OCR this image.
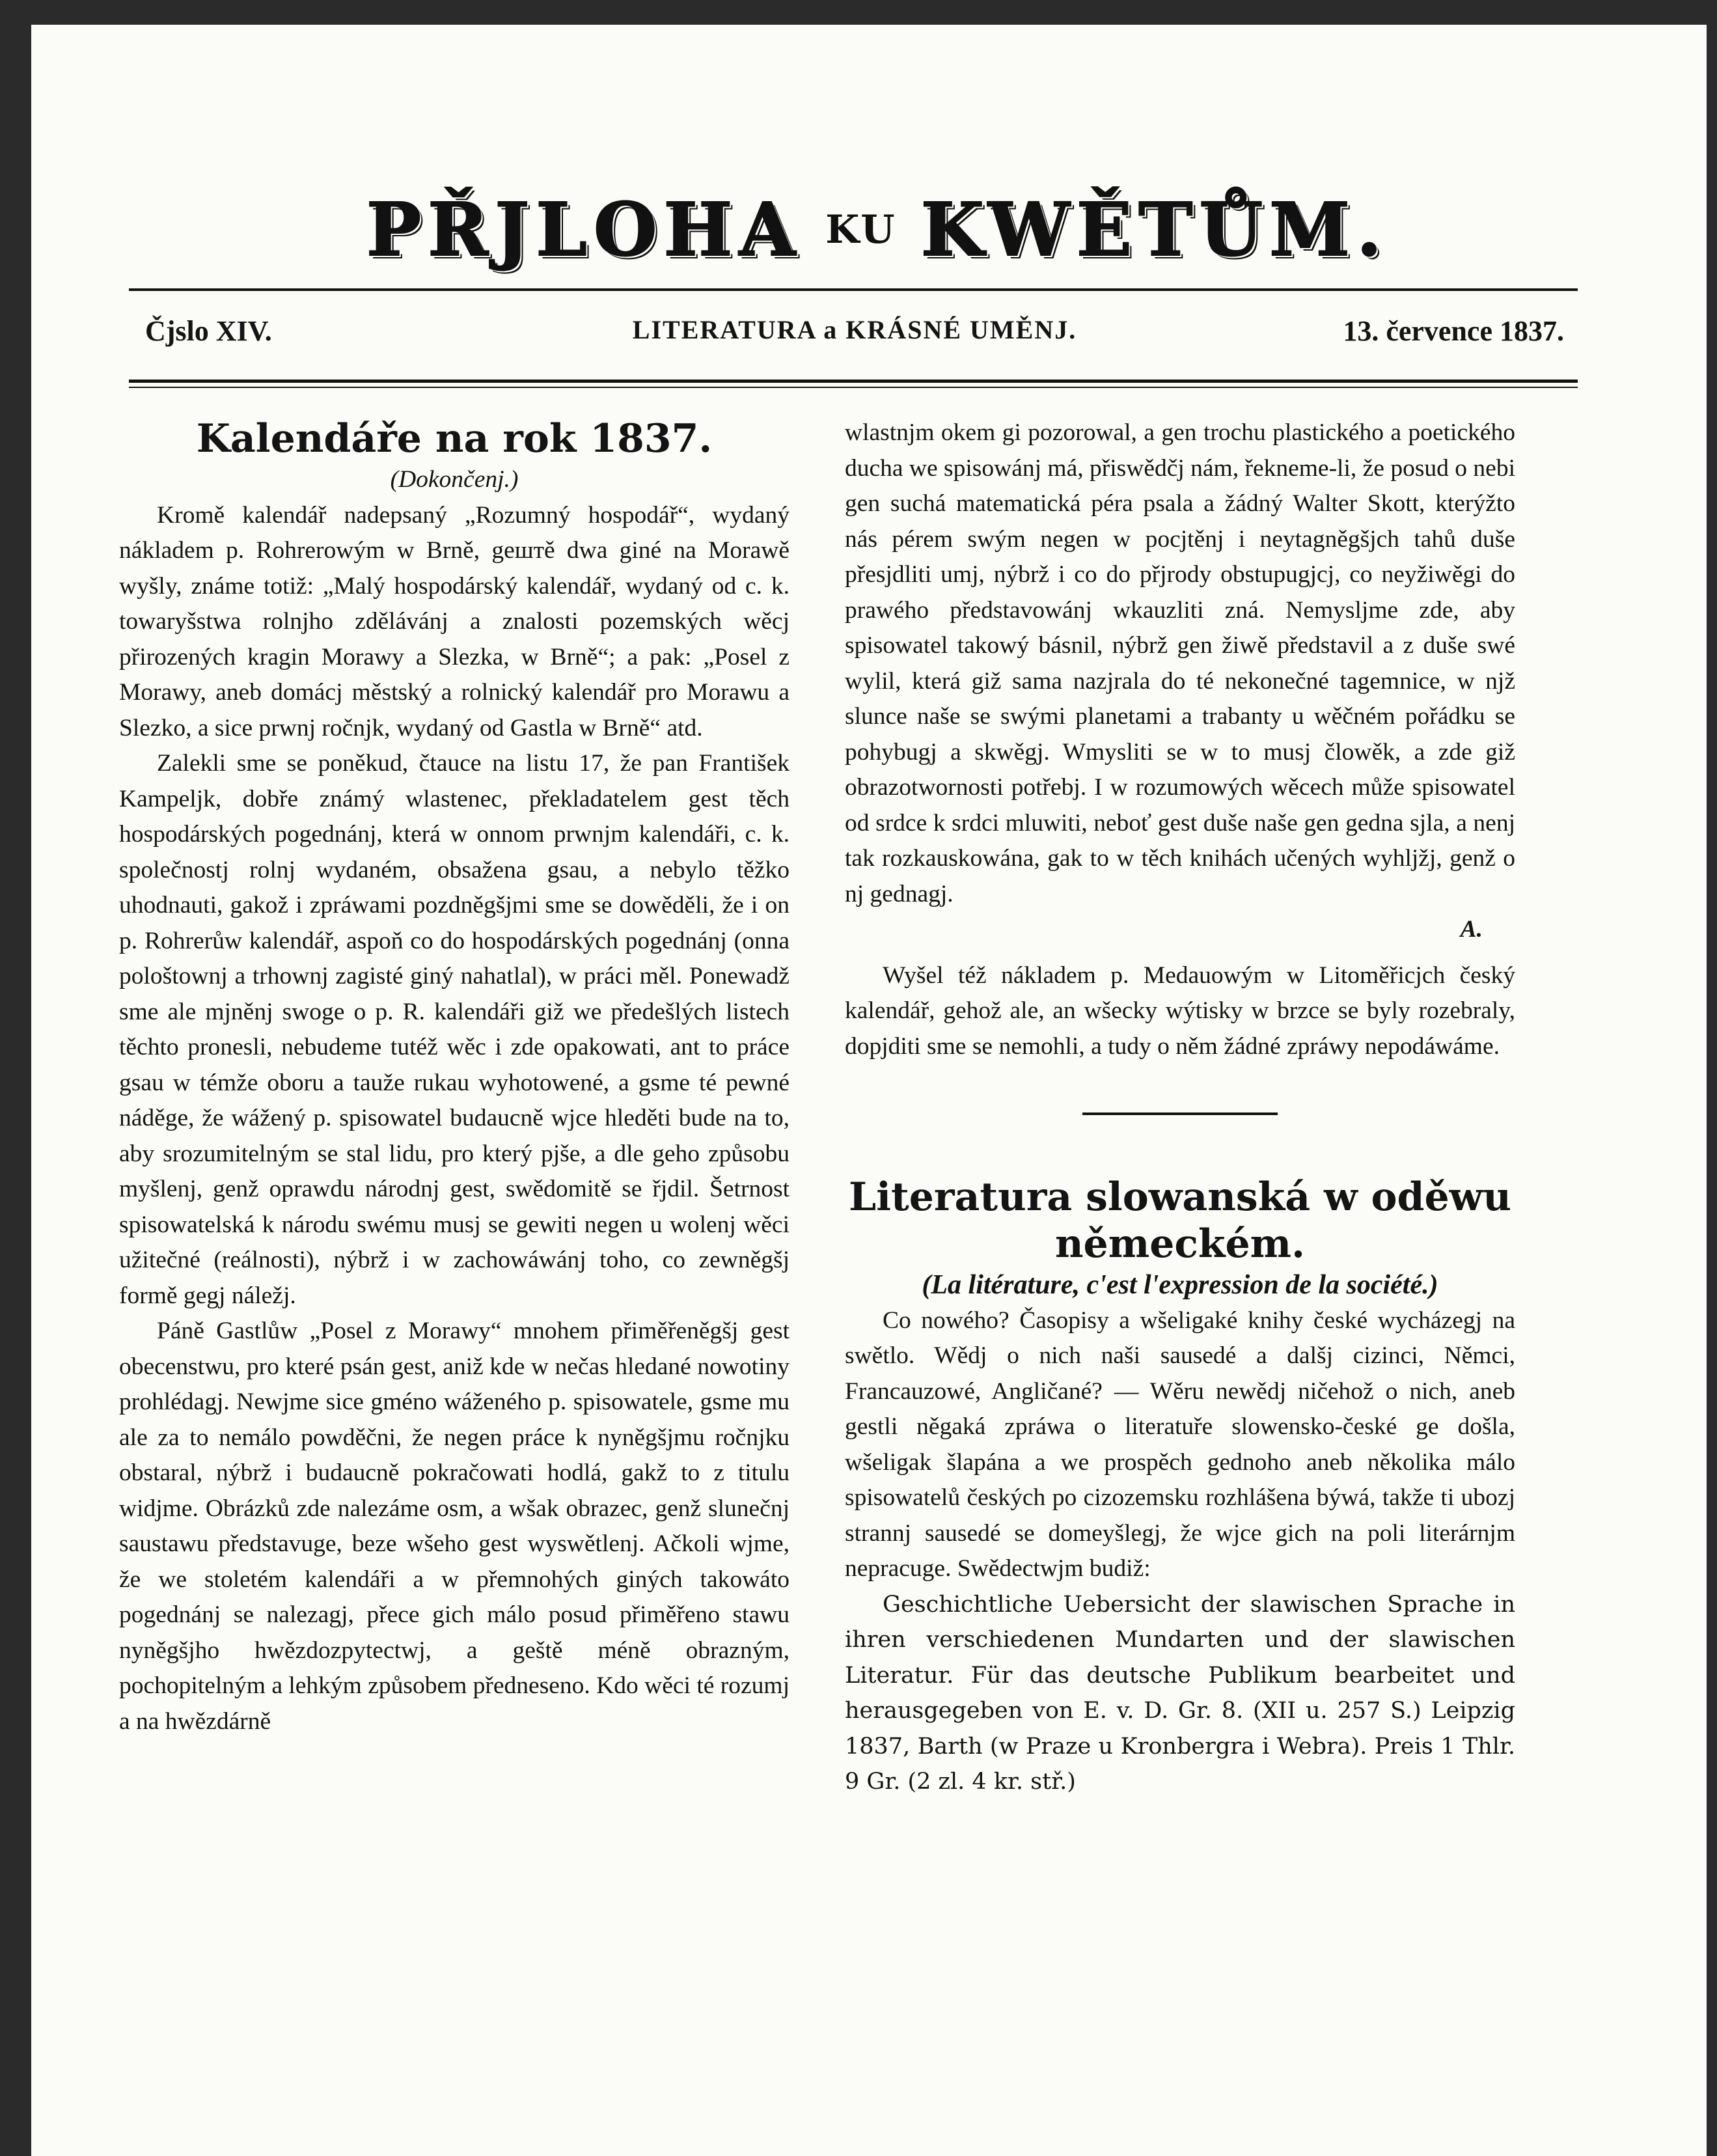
PŘJLOHA KU KWĚTŮM.
Čjslo XIV.	LITERATURA a KRÁSNÉ UMĚNJ.	13. července 1837.
Kalendáře na rok 1837.

(Dokončenj.)

Kromě kalendář nadepsaný „Rozumný hospodář“, wydaný nákladem p. Rohrerowým w Brně, gештě dwa giné na Morawě wyšly, známe totiž: „Malý hospodárský kalendář, wydaný od c. k. towaryšstwa rolnjho zdělávánj a znalosti pozemských wěcj přirozených kragin Morawy a Slezka, w Brně“; a pak: „Posel z Morawy, aneb domácj městský a rolnický kalendář pro Morawu a Slezko, a sice prwnj ročnjk, wydaný od Gastla w Brně“ atd.

Zalekli sme se poněkud, čtauce na listu 17, že pan František Kampeljk, dobře známý wlastenec, překladatelem gest těch hospodárských pogednánj, která w onnom prwnjm kalendáři, c. k. společnostj rolnj wydaném, obsažena gsau, a nebylo těžko uhodnauti, gakož i zpráwami pozdněgšjmi sme se dowěděli, že i on p. Rohrerůw kalendář, aspoň co do hospodárských pogednánj (onna pološtownj a trhownj zagisté giný nahatlal), w práci měl. Ponewadž sme ale mjněnj swoge o p. R. kalendáři giž we předešlých listech těchto pronesli, nebudeme tutéž wěc i zde opakowati, ant to práce gsau w témže oboru a tauže rukau wyhotowené, a gsme té pewné náděge, že wážený p. spisowatel budaucně wjce hleděti bude na to, aby srozumitelným se stal lidu, pro který pjše, a dle geho způsobu myšlenj, genž oprawdu národnj gest, swědomitě se řjdil. Šetrnost spisowatelská k národu swému musj se gewiti negen u wolenj wěci užitečné (reálnosti), nýbrž i w zachowáwánj toho, co zewněgšj formě gegj náležj.

Páně Gastlůw „Posel z Morawy“ mnohem přiměřeněgšj gest obecenstwu, pro které psán gest, aniž kde w nečas hledané nowotiny prohlédagj. Newjme sice gméno wáženého p. spisowatele, gsme mu ale za to nemálo powděčni, že negen práce k nyněgšjmu ročnjku obstaral, nýbrž i budaucně pokračowati hodlá, gakž to z titulu widjme. Obrázků zde nalezáme osm, a wšak obrazec, genž slunečnj saustawu představuge, beze wšeho gest wyswětlenj. Ačkoli wjme, že we stoletém kalendáři a w přemnohých giných takowáto pogednánj se nalezagj, přece gich málo posud přiměřeno stawu nyněgšjho hwězdozpytectwj, a geště méně obrazným, pochopitelným a lehkým způsobem předneseno. Kdo wěci té rozumj a na hwězdárně

wlastnjm okem gi pozorowal, a gen trochu plastického a poetického ducha we spisowánj má, přiswědčj nám, řekneme-li, že posud o nebi gen suchá matematická péra psala a žádný Walter Skott, kterýžto nás pérem swým negen w pocjtěnj i neytagněgšjch tahů duše přesjdliti umj, nýbrž i co do přjrody obstupugjcj, co neyžiwěgi do prawého představowánj wkauzliti zná. Nemysljme zde, aby spisowatel takowý básnil, nýbrž gen žiwě představil a z duše swé wylil, která giž sama nazjrala do té nekonečné tagemnice, w njž slunce naše se swými planetami a trabanty u wěčném pořádku se pohybugj a skwěgj. Wmysliti se w to musj člowěk, a zde giž obrazotwornosti potřebj. I w rozumowých wěcech může spisowatel od srdce k srdci mluwiti, neboť gest duše naše gen gedna sjla, a nenj tak rozkauskowána, gak to w těch knihách učených wyhljžj, genž o nj gednagj.

A.

Wyšel též nákladem p. Medauowým w Litoměřicjch český kalendář, gehož ale, an wšecky wýtisky w brzce se byly rozebraly, dopjditi sme se nemohli, a tudy o něm žádné zpráwy nepodáwáme.

Literatura slowanská w oděwu německém.

(La litérature, c'est l'expression de la société.)

Co nowého? Časopisy a wšeligaké knihy české wycházegj na swětlo. Wědj o nich naši sausedé a dalšj cizinci, Němci, Francauzowé, Angličané? — Wěru newědj ničehož o nich, aneb gestli něgaká zpráwa o literatuře slowensko-české ge došla, wšeligak šlapána a we prospěch gednoho aneb několika málo spisowatelů českých po cizozemsku rozhlášena býwá, takže ti ubozj strannj sausedé se domeyšlegj, že wjce gich na poli literárnjm nepracuge. Swědectwjm budiž:

Geschichtliche Uebersicht der slawischen Sprache in ihren verschiedenen Mundarten und der slawischen Literatur. Für das deutsche Publikum bearbeitet und herausgegeben von E. v. D. Gr. 8. (XII u. 257 S.) Leipzig 1837, Barth (w Praze u Kronbergra i Webra). Preis 1 Thlr. 9 Gr. (2 zl. 4 kr. stř.)
